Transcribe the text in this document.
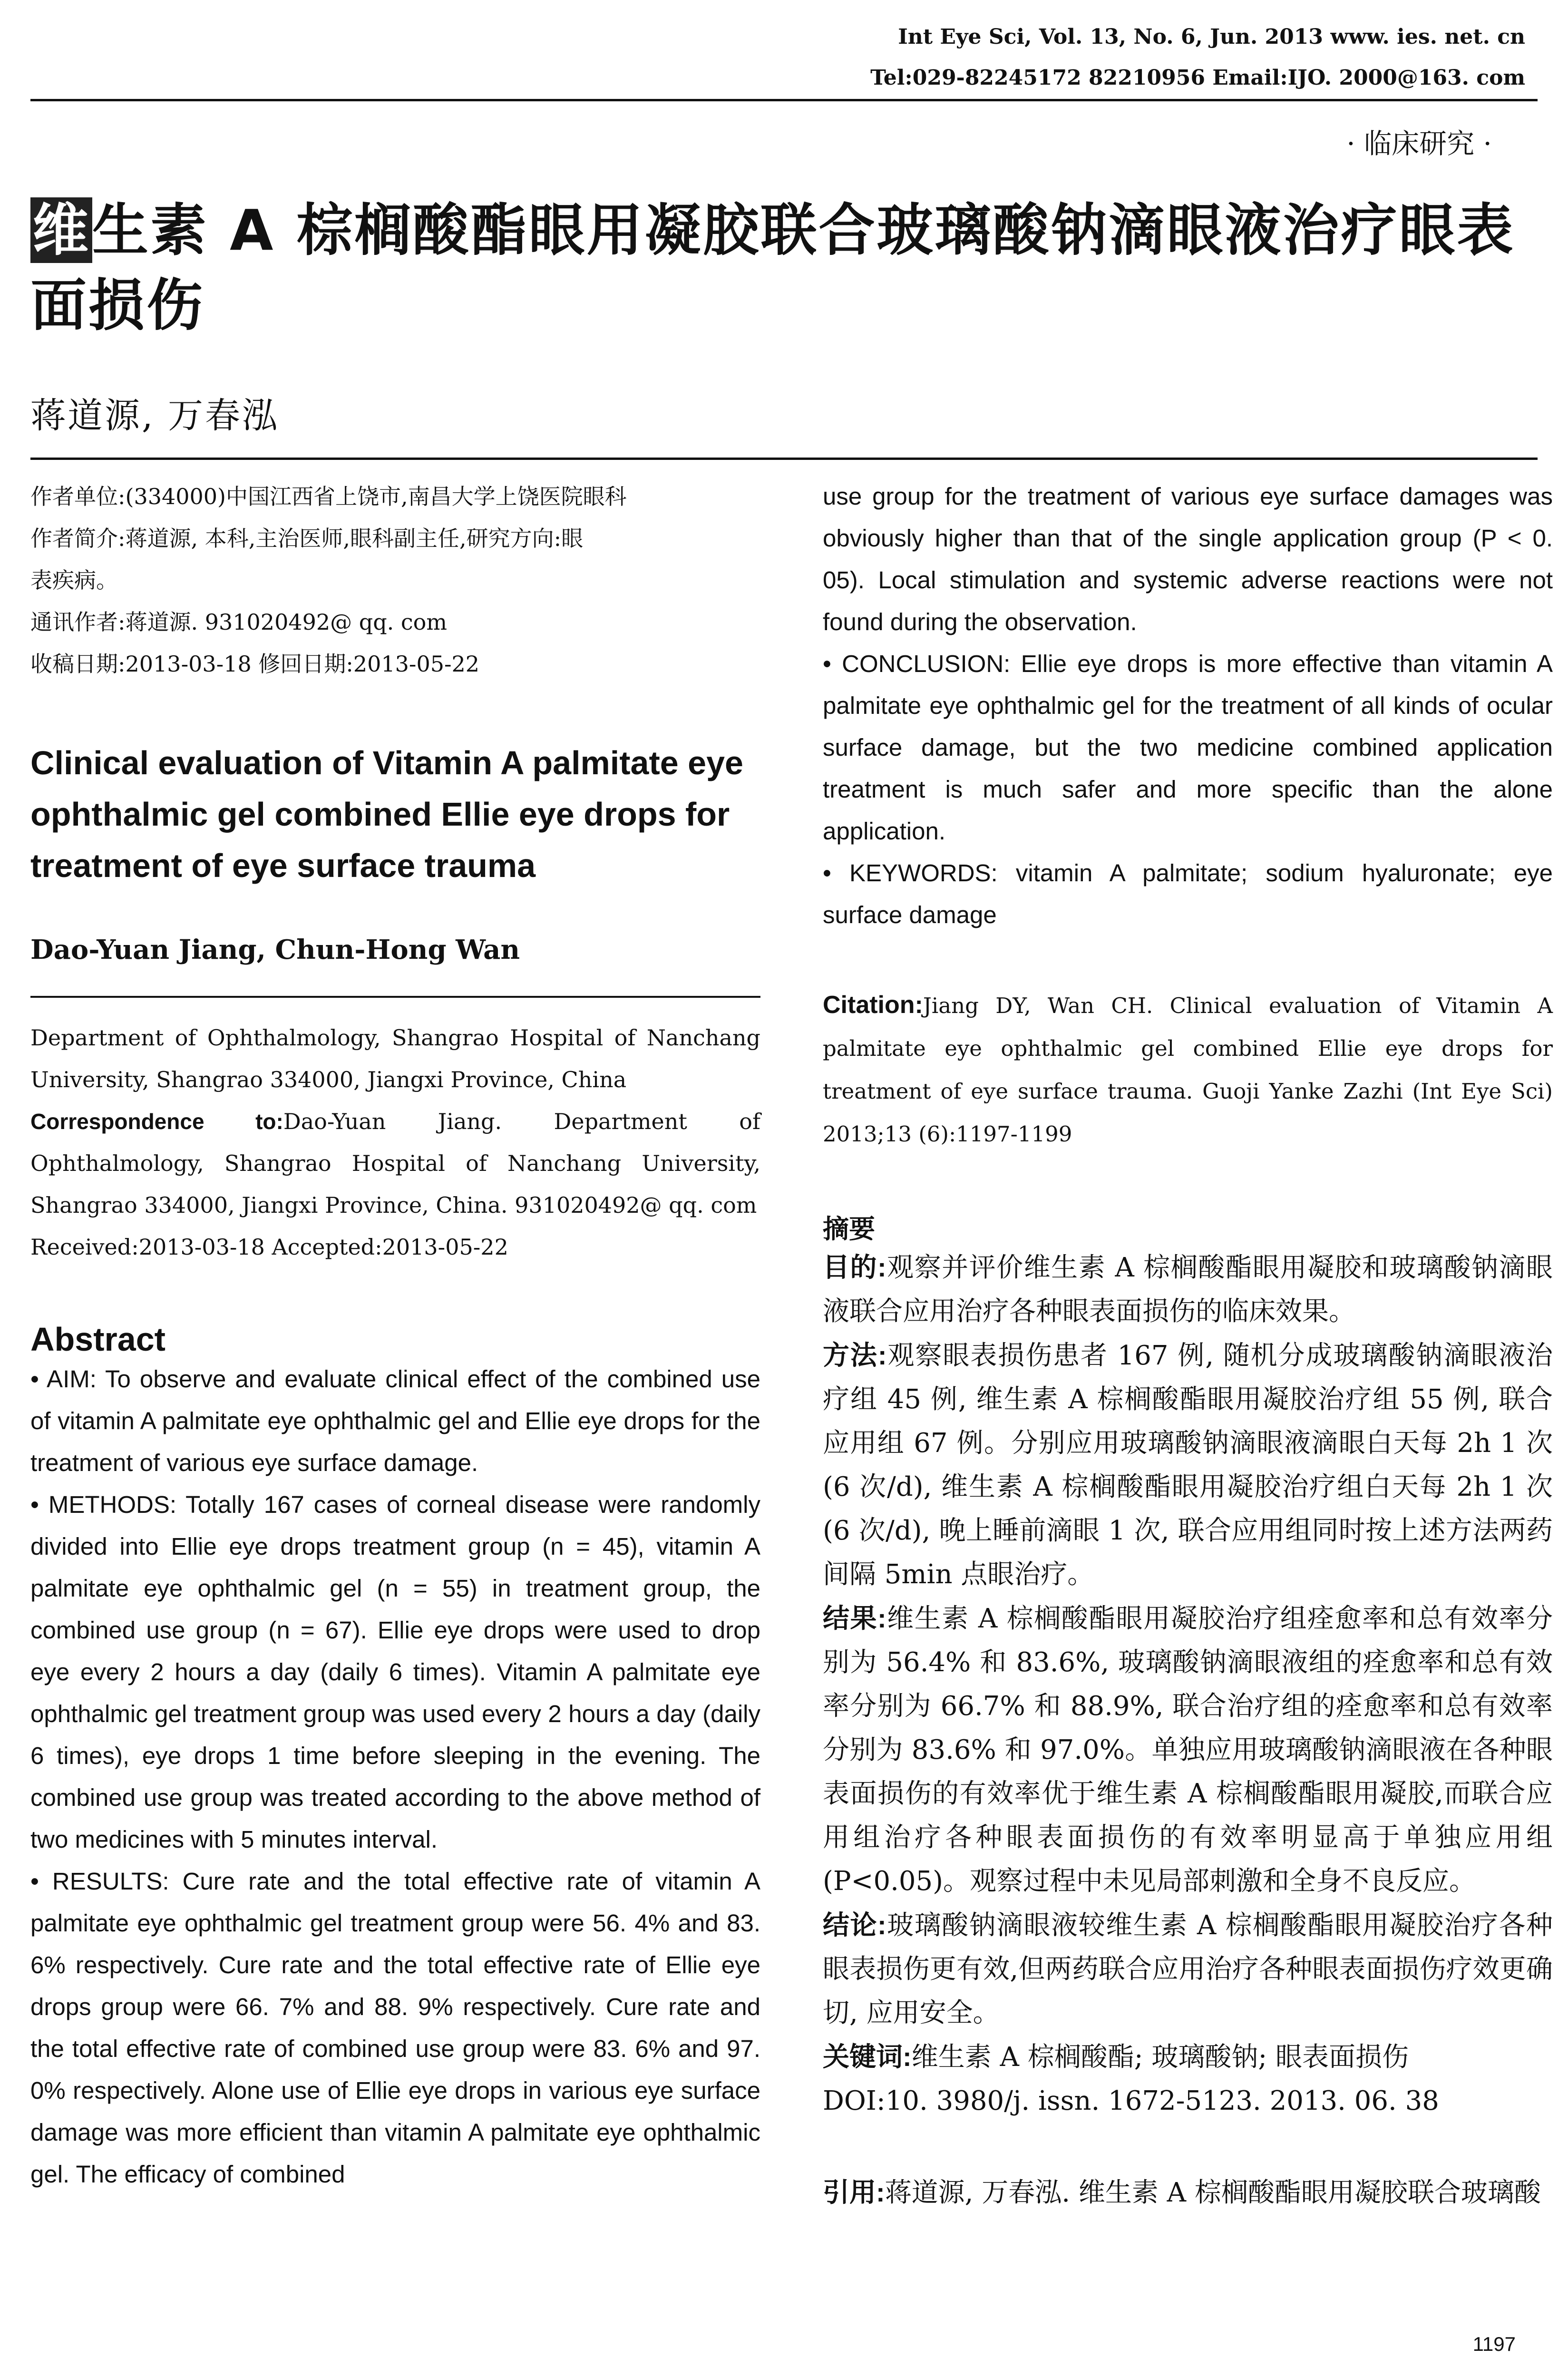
Int Eye Sci, Vol. 13, No. 6, Jun. 2013 www. ies. net. cn
Tel:029-82245172 82210956 Email:IJO. 2000@163. com
· 临床研究 ·
维生素 A 棕榈酸酯眼用凝胶联合玻璃酸钠滴眼液治疗眼表面损伤
蒋道源, 万春泓

作者单位:(334000)中国江西省上饶市,南昌大学上饶医院眼科

作者简介:蒋道源, 本科,主治医师,眼科副主任,研究方向:眼

表疾病。

通讯作者:蒋道源. 931020492@ qq. com

收稿日期:2013-03-18 修回日期:2013-05-22

Clinical evaluation of Vitamin A palmitate eye ophthalmic gel combined Ellie eye drops for treatment of eye surface trauma

Dao-Yuan Jiang, Chun-Hong Wan

Department of Ophthalmology, Shangrao Hospital of Nanchang University, Shangrao 334000, Jiangxi Province, China

Correspondence to:Dao-Yuan Jiang. Department of Ophthalmology, Shangrao Hospital of Nanchang University, Shangrao 334000, Jiangxi Province, China. 931020492@ qq. com

Received:2013-03-18 Accepted:2013-05-22

Abstract

• AIM: To observe and evaluate clinical effect of the combined use of vitamin A palmitate eye ophthalmic gel and Ellie eye drops for the treatment of various eye surface damage.

• METHODS: Totally 167 cases of corneal disease were randomly divided into Ellie eye drops treatment group (n = 45), vitamin A palmitate eye ophthalmic gel (n = 55) in treatment group, the combined use group (n = 67). Ellie eye drops were used to drop eye every 2 hours a day (daily 6 times). Vitamin A palmitate eye ophthalmic gel treatment group was used every 2 hours a day (daily 6 times), eye drops 1 time before sleeping in the evening. The combined use group was treated according to the above method of two medicines with 5 minutes interval.

• RESULTS: Cure rate and the total effective rate of vitamin A palmitate eye ophthalmic gel treatment group were 56. 4% and 83. 6% respectively. Cure rate and the total effective rate of Ellie eye drops group were 66. 7% and 88. 9% respectively. Cure rate and the total effective rate of combined use group were 83. 6% and 97. 0% respectively. Alone use of Ellie eye drops in various eye surface damage was more efficient than vitamin A palmitate eye ophthalmic gel. The efficacy of combined

use group for the treatment of various eye surface damages was obviously higher than that of the single application group (P < 0. 05). Local stimulation and systemic adverse reactions were not found during the observation.

• CONCLUSION: Ellie eye drops is more effective than vitamin A palmitate eye ophthalmic gel for the treatment of all kinds of ocular surface damage, but the two medicine combined application treatment is much safer and more specific than the alone application.

• KEYWORDS: vitamin A palmitate; sodium hyaluronate; eye surface damage

Citation:Jiang DY, Wan CH. Clinical evaluation of Vitamin A palmitate eye ophthalmic gel combined Ellie eye drops for treatment of eye surface trauma. Guoji Yanke Zazhi (Int Eye Sci) 2013;13 (6):1197-1199

摘要

目的:观察并评价维生素 A 棕榈酸酯眼用凝胶和玻璃酸钠滴眼液联合应用治疗各种眼表面损伤的临床效果。

方法:观察眼表损伤患者 167 例, 随机分成玻璃酸钠滴眼液治疗组 45 例, 维生素 A 棕榈酸酯眼用凝胶治疗组 55 例, 联合应用组 67 例。分别应用玻璃酸钠滴眼液滴眼白天每 2h 1 次(6 次/d), 维生素 A 棕榈酸酯眼用凝胶治疗组白天每 2h 1 次(6 次/d), 晚上睡前滴眼 1 次, 联合应用组同时按上述方法两药间隔 5min 点眼治疗。

结果:维生素 A 棕榈酸酯眼用凝胶治疗组痊愈率和总有效率分别为 56.4% 和 83.6%, 玻璃酸钠滴眼液组的痊愈率和总有效率分别为 66.7% 和 88.9%, 联合治疗组的痊愈率和总有效率分别为 83.6% 和 97.0%。单独应用玻璃酸钠滴眼液在各种眼表面损伤的有效率优于维生素 A 棕榈酸酯眼用凝胶,而联合应用组治疗各种眼表面损伤的有效率明显高于单独应用组(P<0.05)。观察过程中未见局部刺激和全身不良反应。

结论:玻璃酸钠滴眼液较维生素 A 棕榈酸酯眼用凝胶治疗各种眼表损伤更有效,但两药联合应用治疗各种眼表面损伤疗效更确切, 应用安全。

关键词:维生素 A 棕榈酸酯; 玻璃酸钠; 眼表面损伤

DOI:10. 3980/j. issn. 1672-5123. 2013. 06. 38

引用:蒋道源, 万春泓. 维生素 A 棕榈酸酯眼用凝胶联合玻璃酸

1197
